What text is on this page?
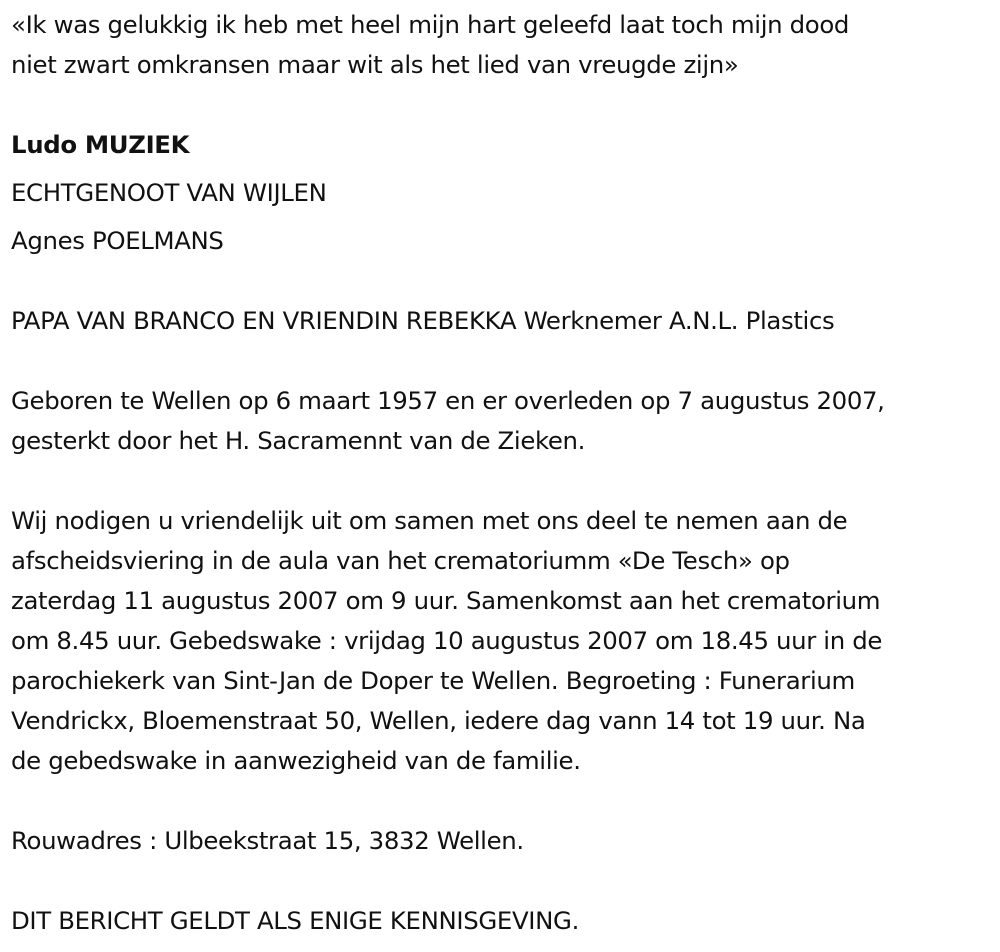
«Ik was gelukkig ik heb met heel mijn hart geleefd laat toch mijn dood
niet zwart omkransen maar wit als het lied van vreugde zijn»
Ludo MUZIEK
ECHTGENOOT VAN WIJLEN
Agnes POELMANS
PAPA VAN BRANCO EN VRIENDIN REBEKKA Werknemer A.N.L. Plastics
Geboren te Wellen op 6 maart 1957 en er overleden op 7 augustus 2007,
gesterkt door het H. Sacramennt van de Zieken.
Wij nodigen u vriendelijk uit om samen met ons deel te nemen aan de
afscheidsviering in de aula van het crematoriumm «De Tesch» op
zaterdag 11 augustus 2007 om 9 uur. Samenkomst aan het crematorium
om 8.45 uur. Gebedswake : vrijdag 10 augustus 2007 om 18.45 uur in de
parochiekerk van Sint-Jan de Doper te Wellen. Begroeting : Funerarium
Vendrickx, Bloemenstraat 50, Wellen, iedere dag vann 14 tot 19 uur. Na
de gebedswake in aanwezigheid van de familie.
Rouwadres : Ulbeekstraat 15, 3832 Wellen.
DIT BERICHT GELDT ALS ENIGE KENNISGEVING.
